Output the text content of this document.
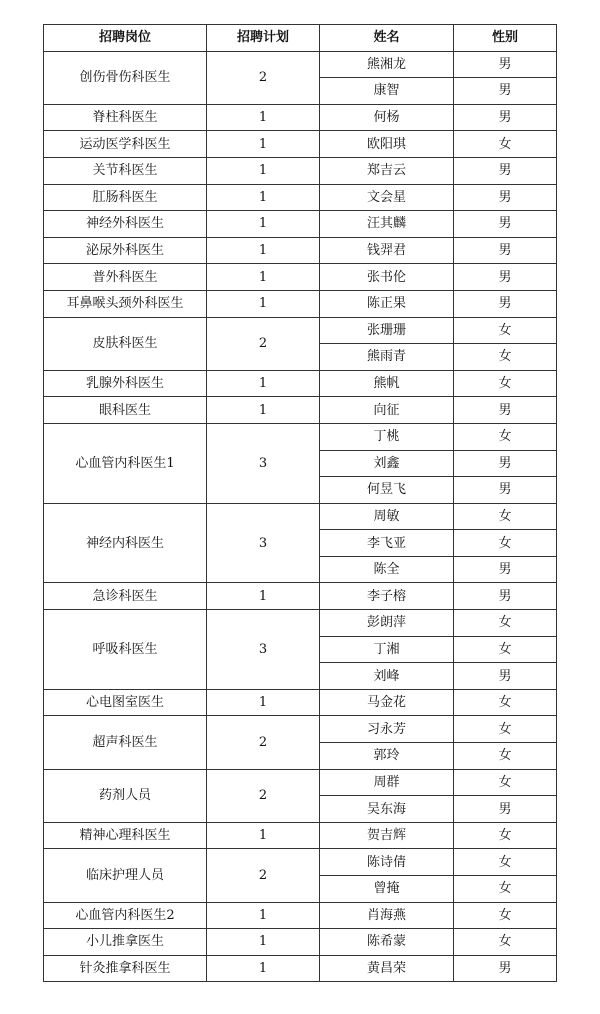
招聘岗位	招聘计划	姓名	性别
创伤骨伤科医生	2	熊湘龙	男
		康智	男
脊柱科医生	1	何杨	男
运动医学科医生	1	欧阳琪	女
关节科医生	1	郑吉云	男
肛肠科医生	1	文会星	男
神经外科医生	1	汪其麟	男
泌尿外科医生	1	钱羿君	男
普外科医生	1	张书伦	男
耳鼻喉头颈外科医生	1	陈正果	男
皮肤科医生	2	张珊珊	女
		熊雨青	女
乳腺外科医生	1	熊帆	女
眼科医生	1	向征	男
心血管内科医生1	3	丁桃	女
		刘鑫	男
		何昱飞	男
神经内科医生	3	周敏	女
		李飞亚	女
		陈全	男
急诊科医生	1	李子榕	男
呼吸科医生	3	彭朗萍	女
		丁湘	女
		刘峰	男
心电图室医生	1	马金花	女
超声科医生	2	习永芳	女
		郭玲	女
药剂人员	2	周群	女
		吴东海	男
精神心理科医生	1	贺吉辉	女
临床护理人员	2	陈诗倩	女
		曾掩	女
心血管内科医生2	1	肖海燕	女
小儿推拿医生	1	陈希蒙	女
针灸推拿科医生	1	黄昌荣	男
